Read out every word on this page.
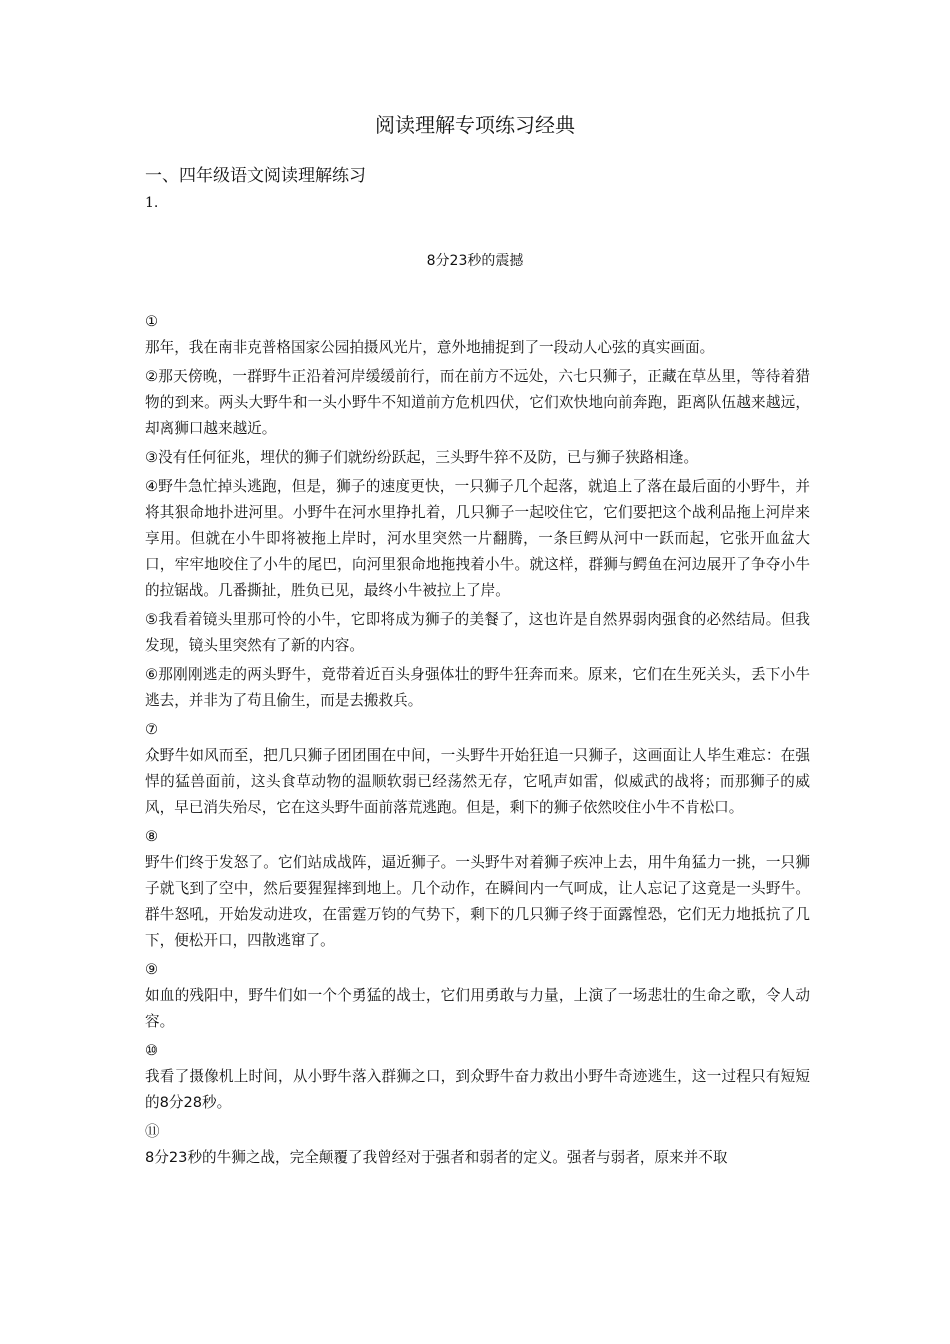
阅读理解专项练习经典
一、四年级语文阅读理解练习
1.
8分23秒的震撼
①

那年，我在南非克普格国家公园拍摄风光片，意外地捕捉到了一段动人心弦的真实画面。

②那天傍晚，一群野牛正沿着河岸缓缓前行，而在前方不远处，六七只狮子，正藏在草丛里，等待着猎物的到来。两头大野牛和一头小野牛不知道前方危机四伏，它们欢快地向前奔跑，距离队伍越来越远，却离狮口越来越近。

③没有任何征兆，埋伏的狮子们就纷纷跃起，三头野牛猝不及防，已与狮子狭路相逢。

④野牛急忙掉头逃跑，但是，狮子的速度更快，一只狮子几个起落，就追上了落在最后面的小野牛，并将其狠命地扑进河里。小野牛在河水里挣扎着，几只狮子一起咬住它，它们要把这个战利品拖上河岸来享用。但就在小牛即将被拖上岸时，河水里突然一片翻腾，一条巨鳄从河中一跃而起，它张开血盆大口，牢牢地咬住了小牛的尾巴，向河里狠命地拖拽着小牛。就这样，群狮与鳄鱼在河边展开了争夺小牛的拉锯战。几番撕扯，胜负已见，最终小牛被拉上了岸。

⑤我看着镜头里那可怜的小牛，它即将成为狮子的美餐了，这也许是自然界弱肉强食的必然结局。但我发现，镜头里突然有了新的内容。

⑥那刚刚逃走的两头野牛，竟带着近百头身强体壮的野牛狂奔而来。原来，它们在生死关头，丢下小牛逃去，并非为了苟且偷生，而是去搬救兵。

⑦

众野牛如风而至，把几只狮子团团围在中间，一头野牛开始狂追一只狮子，这画面让人毕生难忘：在强悍的猛兽面前，这头食草动物的温顺软弱已经荡然无存，它吼声如雷，似威武的战将；而那狮子的威风，早已消失殆尽，它在这头野牛面前落荒逃跑。但是，剩下的狮子依然咬住小牛不肯松口。

⑧

野牛们终于发怒了。它们站成战阵，逼近狮子。一头野牛对着狮子疾冲上去，用牛角猛力一挑，一只狮子就飞到了空中，然后要猩猩摔到地上。几个动作，在瞬间内一气呵成，让人忘记了这竟是一头野牛。群牛怒吼，开始发动进攻，在雷霆万钧的气势下，剩下的几只狮子终于面露惶恐，它们无力地抵抗了几下，便松开口，四散逃窜了。

⑨

如血的残阳中，野牛们如一个个勇猛的战士，它们用勇敢与力量，上演了一场悲壮的生命之歌，令人动容。

⑩

我看了摄像机上时间，从小野牛落入群狮之口，到众野牛奋力救出小野牛奇迹逃生，这一过程只有短短的8分28秒。

⑪

8分23秒的牛狮之战，完全颠覆了我曾经对于强者和弱者的定义。强者与弱者，原来并不取
